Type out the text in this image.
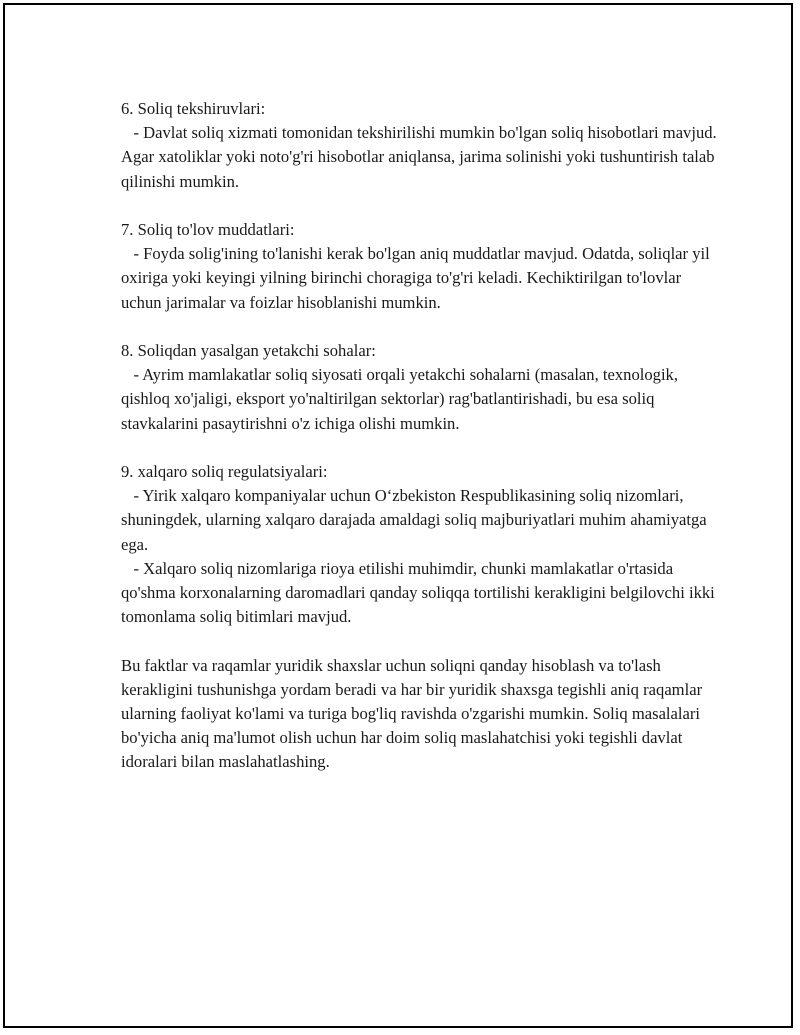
6. Soliq tekshiruvlari:

- Davlat soliq xizmati tomonidan tekshirilishi mumkin bo'lgan soliq hisobotlari mavjud. Agar xatoliklar yoki noto'g'ri hisobotlar aniqlansa, jarima solinishi yoki tushuntirish talab qilinishi mumkin.

7. Soliq to'lov muddatlari:

- Foyda solig'ining to'lanishi kerak bo'lgan aniq muddatlar mavjud. Odatda, soliqlar yil oxiriga yoki keyingi yilning birinchi choragiga to'g'ri keladi. Kechiktirilgan to'lovlar uchun jarimalar va foizlar hisoblanishi mumkin.

8. Soliqdan yasalgan yetakchi sohalar:

- Ayrim mamlakatlar soliq siyosati orqali yetakchi sohalarni (masalan, texnologik, qishloq xo'jaligi, eksport yo'naltirilgan sektorlar) rag'batlantirishadi, bu esa soliq stavkalarini pasaytirishni o'z ichiga olishi mumkin.

9. xalqaro soliq regulatsiyalari:

- Yirik xalqaro kompaniyalar uchun O‘zbekiston Respublikasining soliq nizomlari, shuningdek, ularning xalqaro darajada amaldagi soliq majburiyatlari muhim ahamiyatga ega.

- Xalqaro soliq nizomlariga rioya etilishi muhimdir, chunki mamlakatlar o'rtasida qo'shma korxonalarning daromadlari qanday soliqqa tortilishi kerakligini belgilovchi ikki tomonlama soliq bitimlari mavjud.

Bu faktlar va raqamlar yuridik shaxslar uchun soliqni qanday hisoblash va to'lash kerakligini tushunishga yordam beradi va har bir yuridik shaxsga tegishli aniq raqamlar ularning faoliyat ko'lami va turiga bog'liq ravishda o'zgarishi mumkin. Soliq masalalari bo'yicha aniq ma'lumot olish uchun har doim soliq maslahatchisi yoki tegishli davlat idoralari bilan maslahatlashing.
